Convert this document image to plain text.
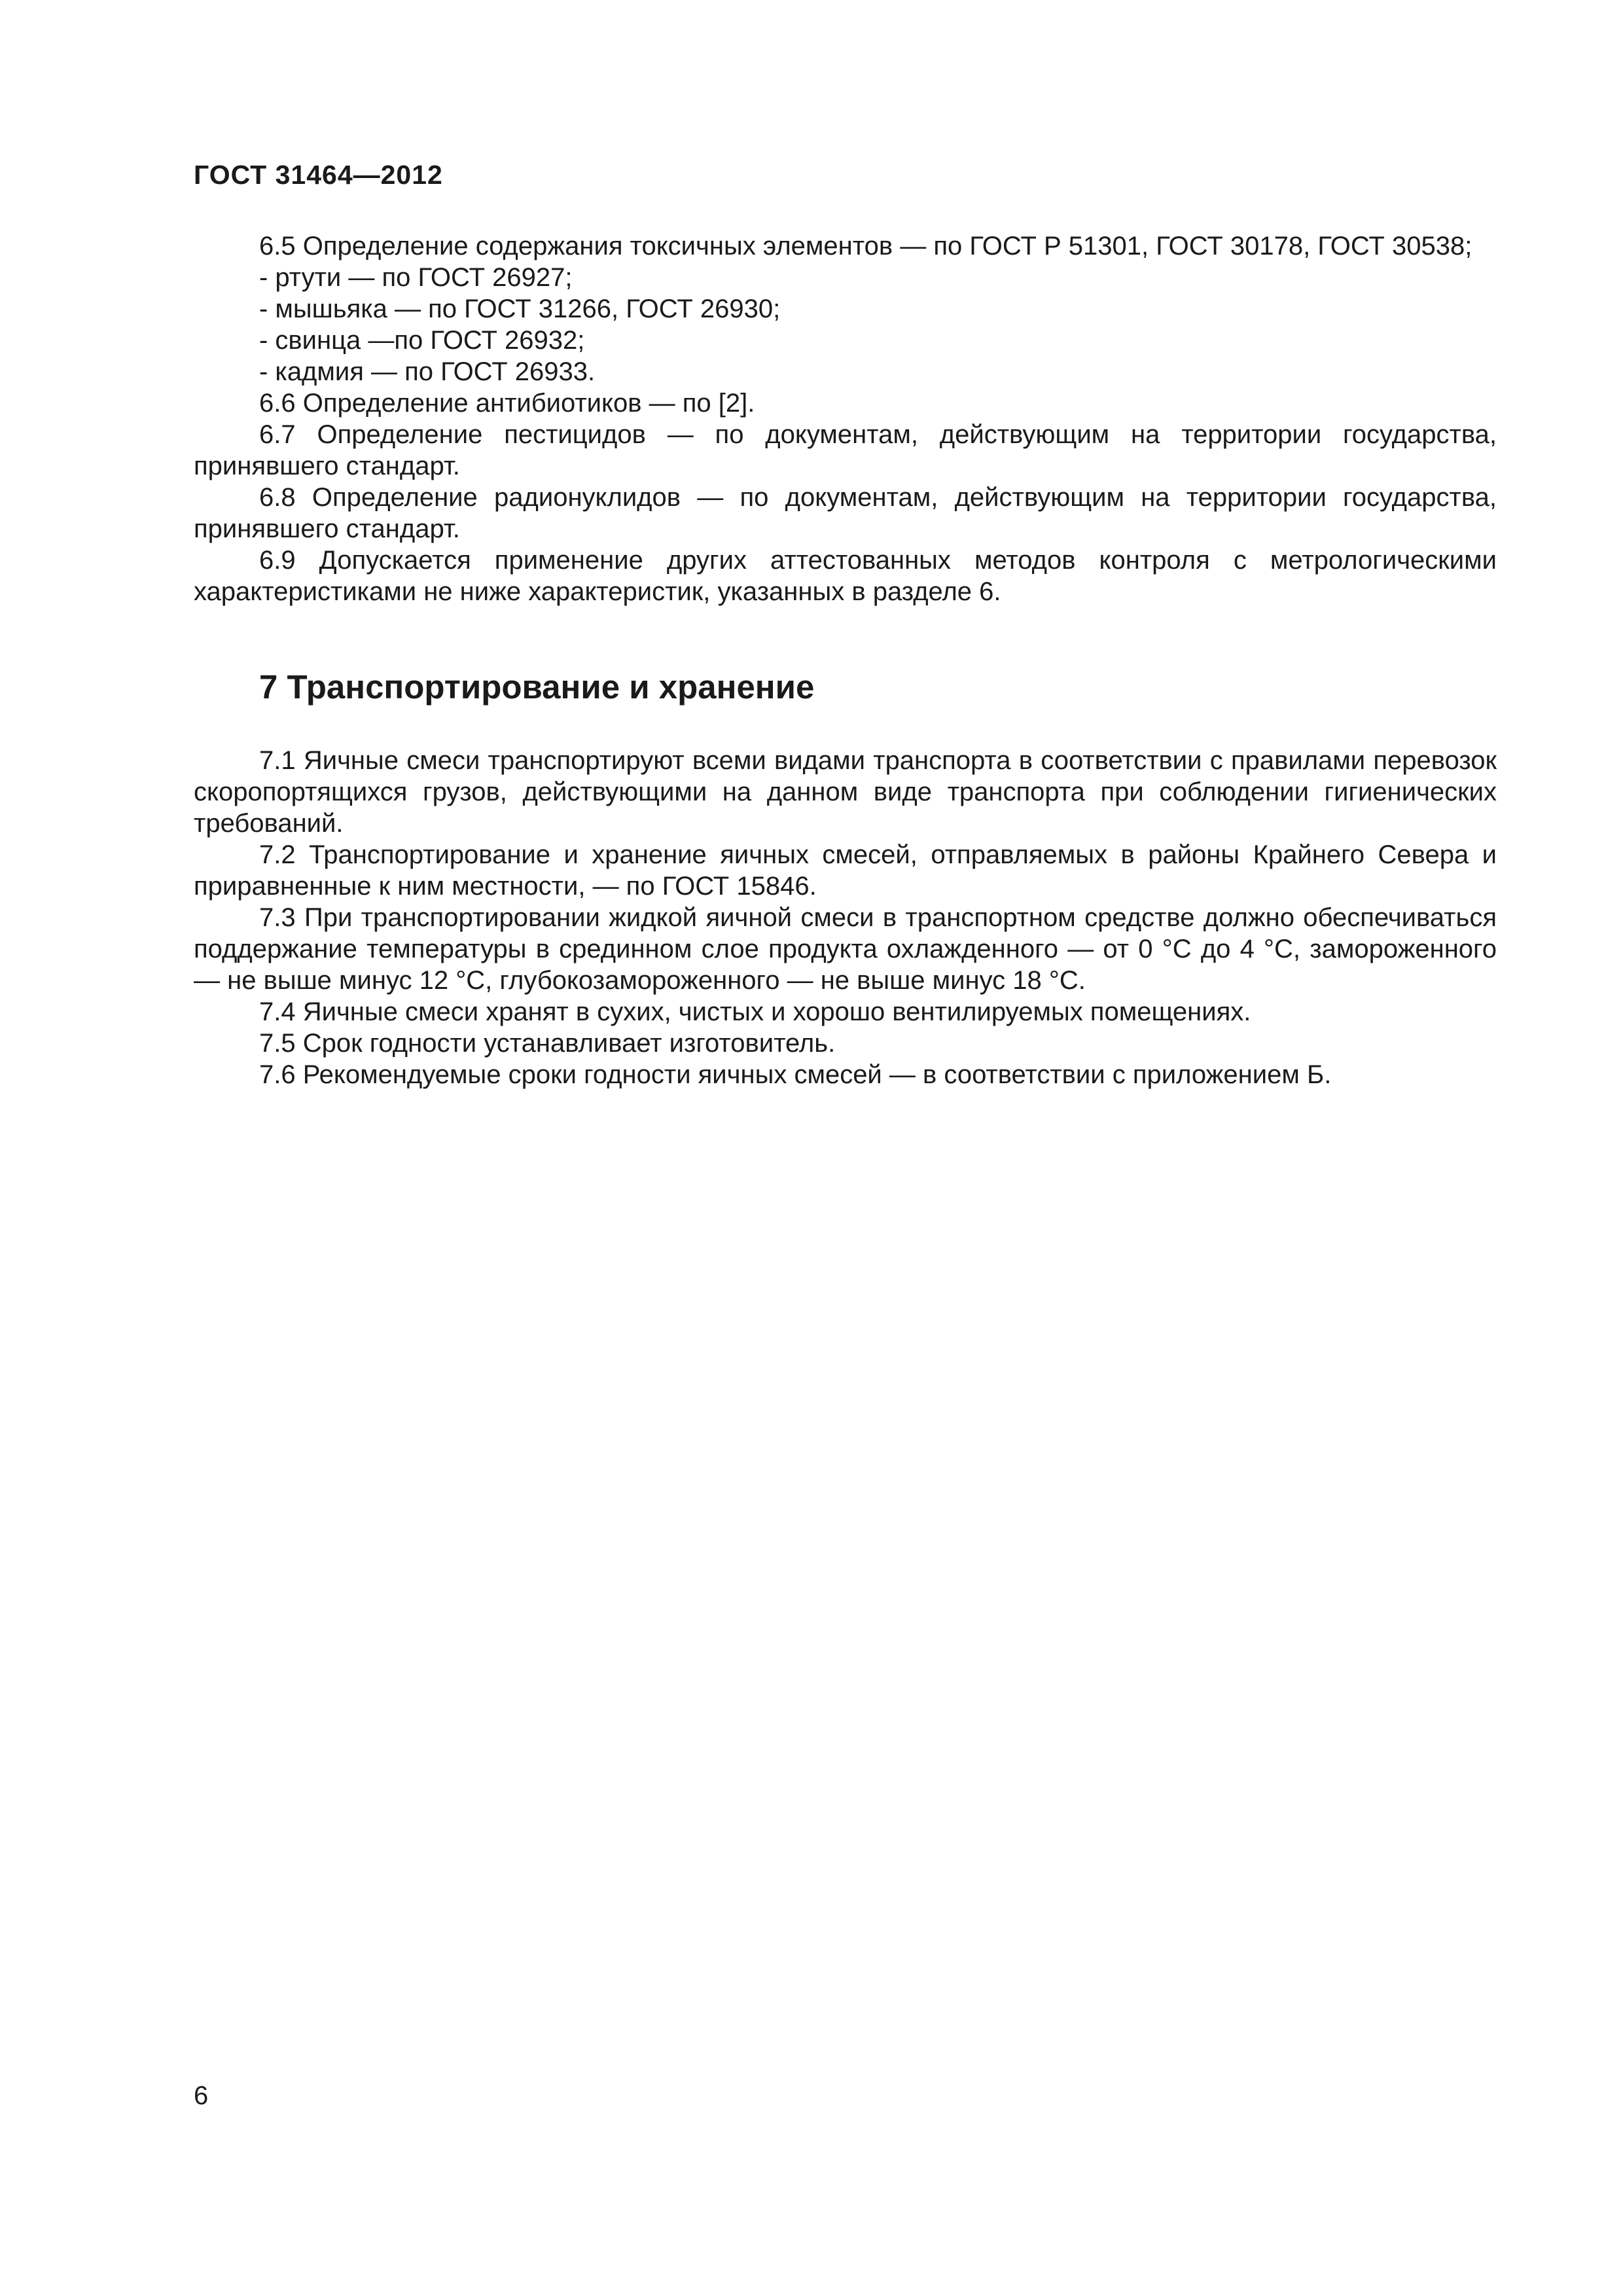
ГОСТ 31464—2012

6.5 Определение содержания токсичных элементов — по ГОСТ Р 51301, ГОСТ 30178, ГОСТ 30538;

- ртути — по ГОСТ 26927;

- мышьяка — по ГОСТ 31266, ГОСТ 26930;

- свинца —по ГОСТ 26932;

- кадмия — по ГОСТ 26933.

6.6 Определение антибиотиков — по [2].

6.7 Определение пестицидов — по документам, действующим на территории государства, принявшего стандарт.

6.8 Определение радионуклидов — по документам, действующим на территории государства, принявшего стандарт.

6.9 Допускается применение других аттестованных методов контроля с метрологическими характеристиками не ниже характеристик, указанных в разделе 6.

7 Транспортирование и хранение

7.1 Яичные смеси транспортируют всеми видами транспорта в соответствии с правилами перевозок скоропортящихся грузов, действующими на данном виде транспорта при соблюдении гигиенических требований.

7.2 Транспортирование и хранение яичных смесей, отправляемых в районы Крайнего Севера и приравненные к ним местности, — по ГОСТ 15846.

7.3 При транспортировании жидкой яичной смеси в транспортном средстве должно обеспечиваться поддержание температуры в срединном слое продукта охлажденного — от 0 °С до 4 °С, замороженного — не выше минус 12 °С, глубокозамороженного — не выше минус 18 °С.

7.4 Яичные смеси хранят в сухих, чистых и хорошо вентилируемых помещениях.

7.5 Срок годности устанавливает изготовитель.

7.6 Рекомендуемые сроки годности яичных смесей — в соответствии с приложением Б.

6
